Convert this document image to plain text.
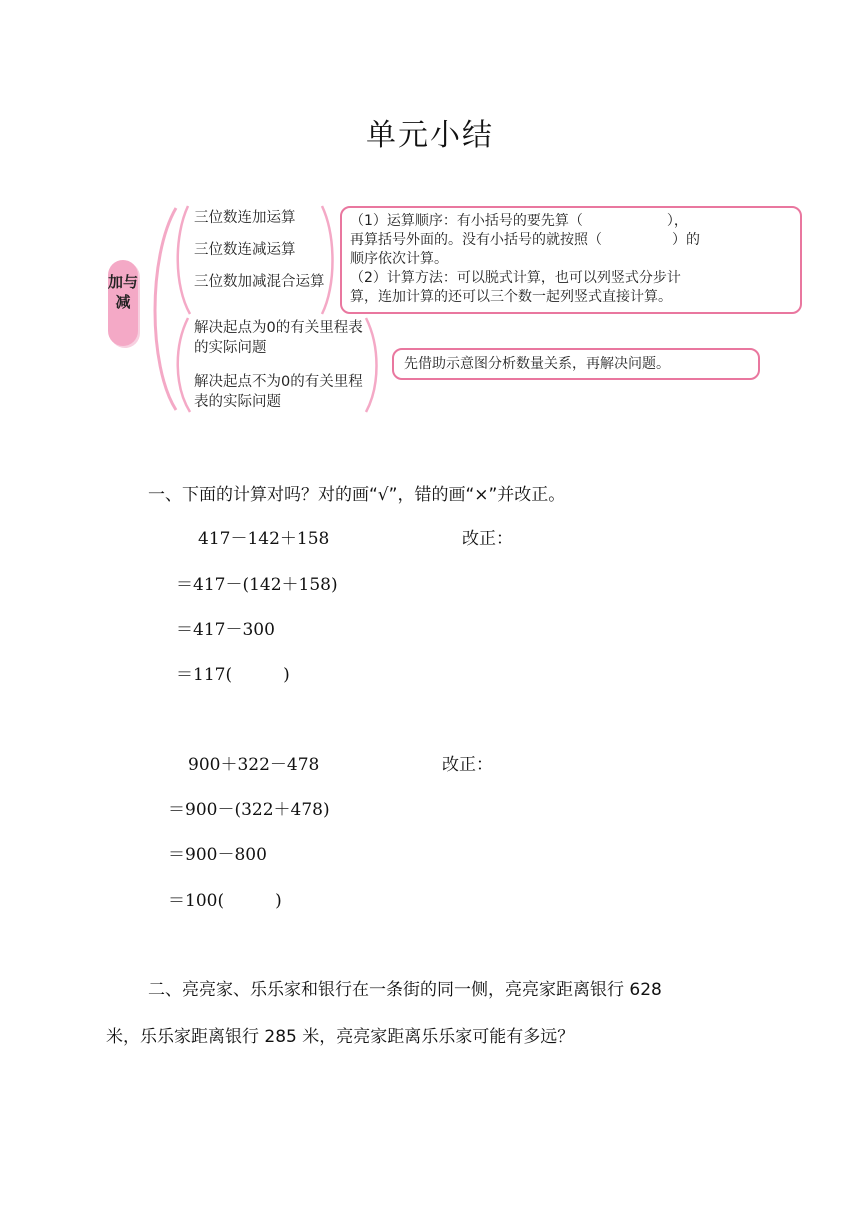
单元小结
加与减
三位数连加运算
三位数连减运算
三位数加减混合运算
解决起点为0的有关里程表的实际问题
解决起点不为0的有关里程表的实际问题
（1）运算顺序：有小括号的要先算（　　　　　　），
再算括号外面的。没有小括号的就按照（　　　　　）的
顺序依次计算。
（2）计算方法：可以脱式计算，也可以列竖式分步计
算，连加计算的还可以三个数一起列竖式直接计算。
先借助示意图分析数量关系，再解决问题。
一、下面的计算对吗？对的画“√”，错的画“×”并改正。
417－142＋158	改正：
＝417－(142＋158)
＝417－300
＝117(　　　)
900＋322－478	改正：
＝900－(322＋478)
＝900－800
＝100(　　　)
二、亮亮家、乐乐家和银行在一条街的同一侧，亮亮家距离银行 628
米，乐乐家距离银行 285 米，亮亮家距离乐乐家可能有多远？
